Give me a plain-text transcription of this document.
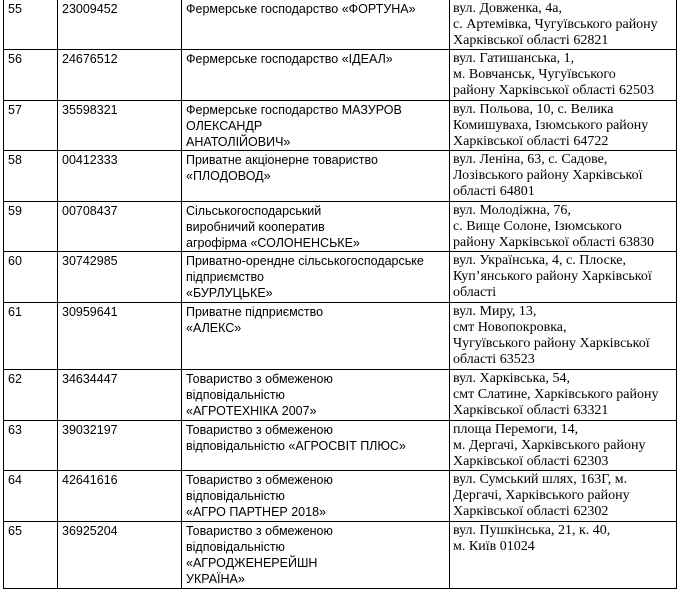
55	23009452	Фермерське господарство «ФОРТУНА»	вул. Довженка, 4а,
с. Артемівка, Чугуївського району
Харківської області 62821

56	24676512	Фермерське господарство «ІДЕАЛ»	вул. Гатишанська, 1,
м. Вовчанськ, Чугуївського
району Харківської області 62503

57	35598321	Фермерське господарство МАЗУРОВ
ОЛЕКСАНДР
АНАТОЛІЙОВИЧ»	вул. Польова, 10, с. Велика
Комишуваха, Ізюмського району
Харківської області 64722

58	00412333	Приватне акціонерне товариство
«ПЛОДОВОД»	вул. Леніна, 63, с. Садове,
Лозівського району Харківської
області 64801

59	00708437	Сільськогосподарський
виробничий кооператив
агрофірма «СОЛОНЕНСЬКЕ»	вул. Молодіжна, 76,
с. Вище Солоне, Ізюмського
району Харківської області 63830

60	30742985	Приватно-орендне сільськогосподарське
підприємство
«БУРЛУЦЬКЕ»	вул. Українська, 4, с. Плоске,
Куп’янського району Харківської
області

61	30959641	Приватне підприємство
«АЛЕКС»	вул. Миру, 13,
смт Новопокровка,
Чугуївського району Харківської
області 63523

62	34634447	Товариство з обмеженою
відповідальністю
«АГРОТЕХНІКА 2007»	вул. Харківська, 54,
смт Слатине, Харківського району
Харківської області 63321

63	39032197	Товариство з обмеженою
відповідальністю «АГРОСВІТ ПЛЮС»	площа Перемоги, 14,
м. Дергачі, Харківського району
Харківської області 62303

64	42641616	Товариство з обмеженою
відповідальністю
«АГРО ПАРТНЕР 2018»	вул. Сумський шлях, 163Г, м.
Дергачі, Харківського району
Харківської області 62302

65	36925204	Товариство з обмеженою
відповідальністю
«АГРОДЖЕНЕРЕЙШН
УКРАЇНА»	вул. Пушкінська, 21, к. 40,
м. Київ 01024
